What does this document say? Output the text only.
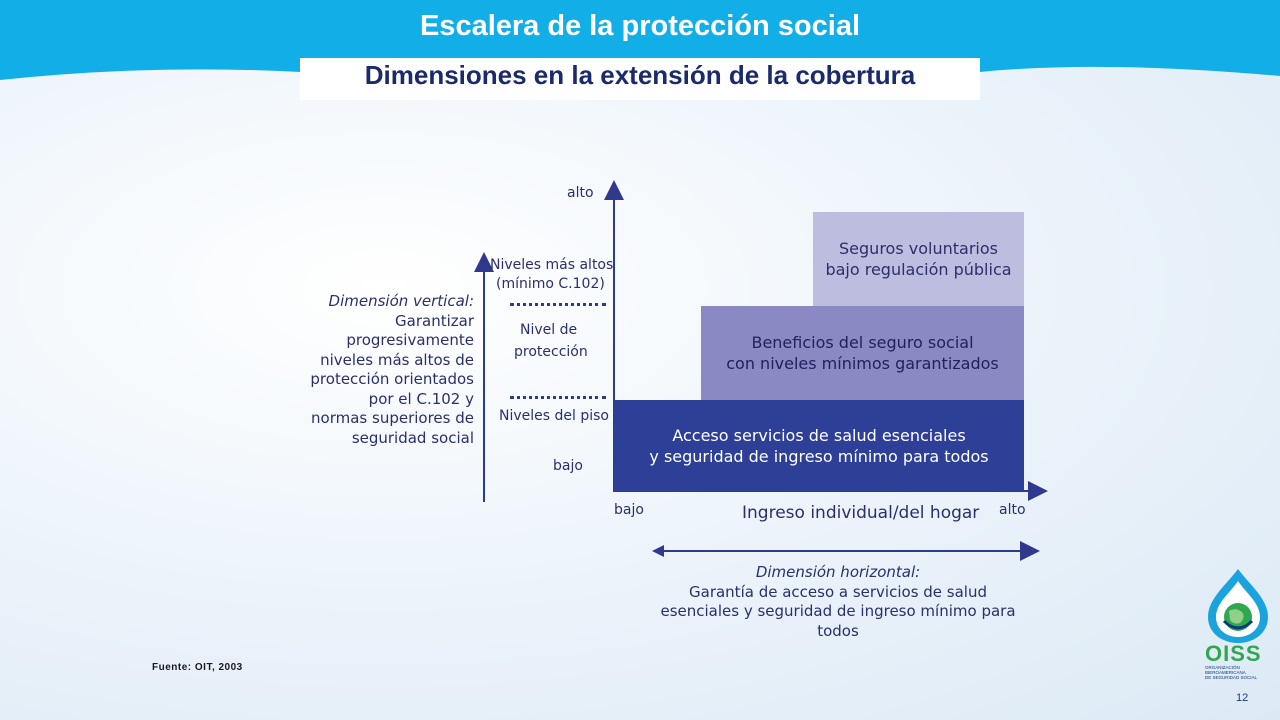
Escalera de la protección social
Dimensiones en la extensión de la cobertura
alto
bajo
bajo	alto
Ingreso individual/del hogar
Niveles más altos
(mínimo C.102)
Nivel de
protección
Niveles del piso
Dimensión vertical:
Garantizar
progresivamente
niveles más altos de
protección orientados
por el C.102 y
normas superiores de
seguridad social
Seguros voluntarios
bajo regulación pública
Beneficios del seguro social
con niveles mínimos garantizados
Acceso servicios de salud esenciales
y seguridad de ingreso mínimo para todos
Dimensión horizontal:
Garantía de acceso a servicios de salud
esenciales y seguridad de ingreso mínimo para
todos
Fuente: OIT, 2003
OISS
ORGANIZACIÓN
IBEROAMERICANA
DE SEGURIDAD SOCIAL
12
